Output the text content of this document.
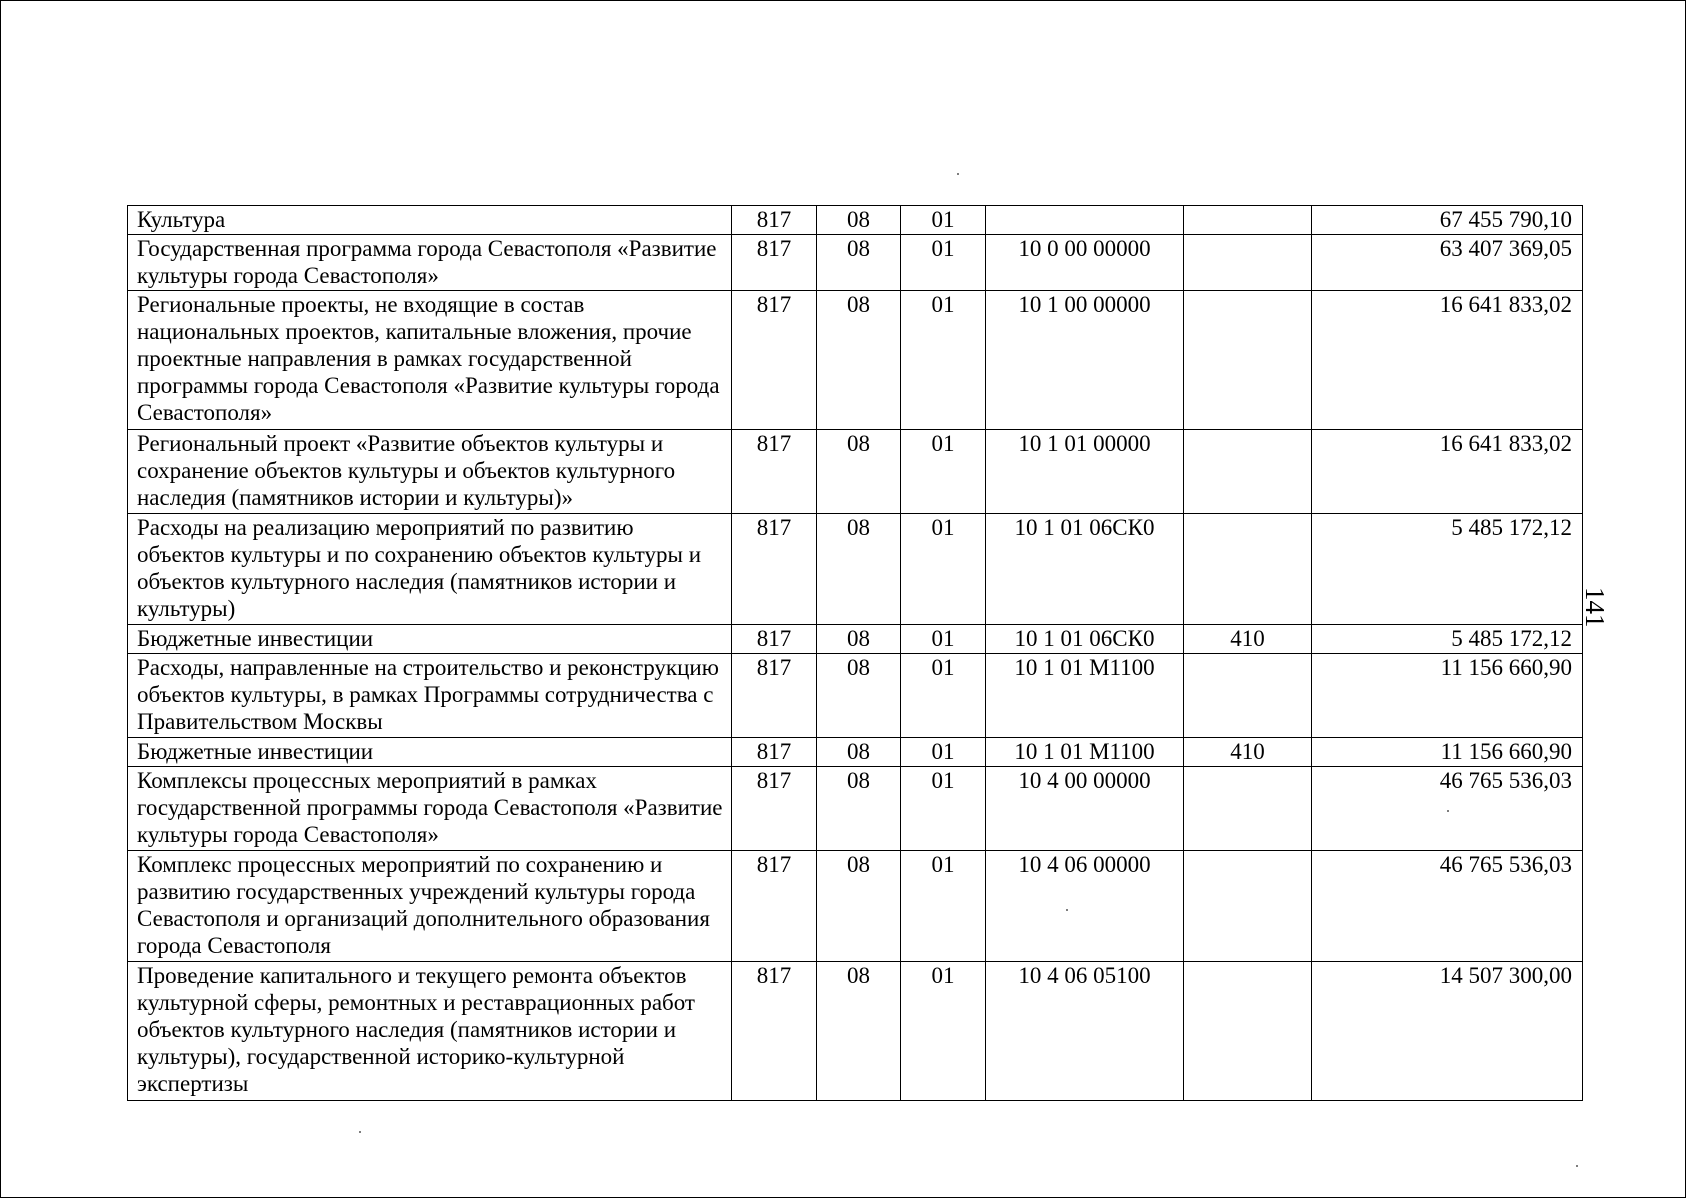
Культура	817	08	01			67 455 790,10
Государственная программа города Севастополя «Развитие культуры города Севастополя»	817	08	01	10 0 00 00000		63 407 369,05
Региональные проекты, не входящие в состав национальных проектов, капитальные вложения, прочие проектные направления в рамках государственной программы города Севастополя «Развитие культуры города Севастополя»	817	08	01	10 1 00 00000		16 641 833,02
Региональный проект «Развитие объектов культуры и сохранение объектов культуры и объектов культурного наследия (памятников истории и культуры)»	817	08	01	10 1 01 00000		16 641 833,02
Расходы на реализацию мероприятий по развитию объектов культуры и по сохранению объектов культуры и объектов культурного наследия (памятников истории и культуры)	817	08	01	10 1 01 06СК0		5 485 172,12
Бюджетные инвестиции	817	08	01	10 1 01 06СК0	410	5 485 172,12
Расходы, направленные на строительство и реконструкцию объектов культуры, в рамках Программы сотрудничества с Правительством Москвы	817	08	01	10 1 01 М1100		11 156 660,90
Бюджетные инвестиции	817	08	01	10 1 01 М1100	410	11 156 660,90
Комплексы процессных мероприятий в рамках государственной программы города Севастополя «Развитие культуры города Севастополя»	817	08	01	10 4 00 00000		46 765 536,03
Комплекс процессных мероприятий по сохранению и развитию государственных учреждений культуры города Севастополя и организаций дополнительного образования города Севастополя	817	08	01	10 4 06 00000		46 765 536,03
Проведение капитального и текущего ремонта объектов культурной сферы, ремонтных и реставрационных работ объектов культурного наследия (памятников истории и культуры), государственной историко-культурной экспертизы	817	08	01	10 4 06 05100		14 507 300,00
141
